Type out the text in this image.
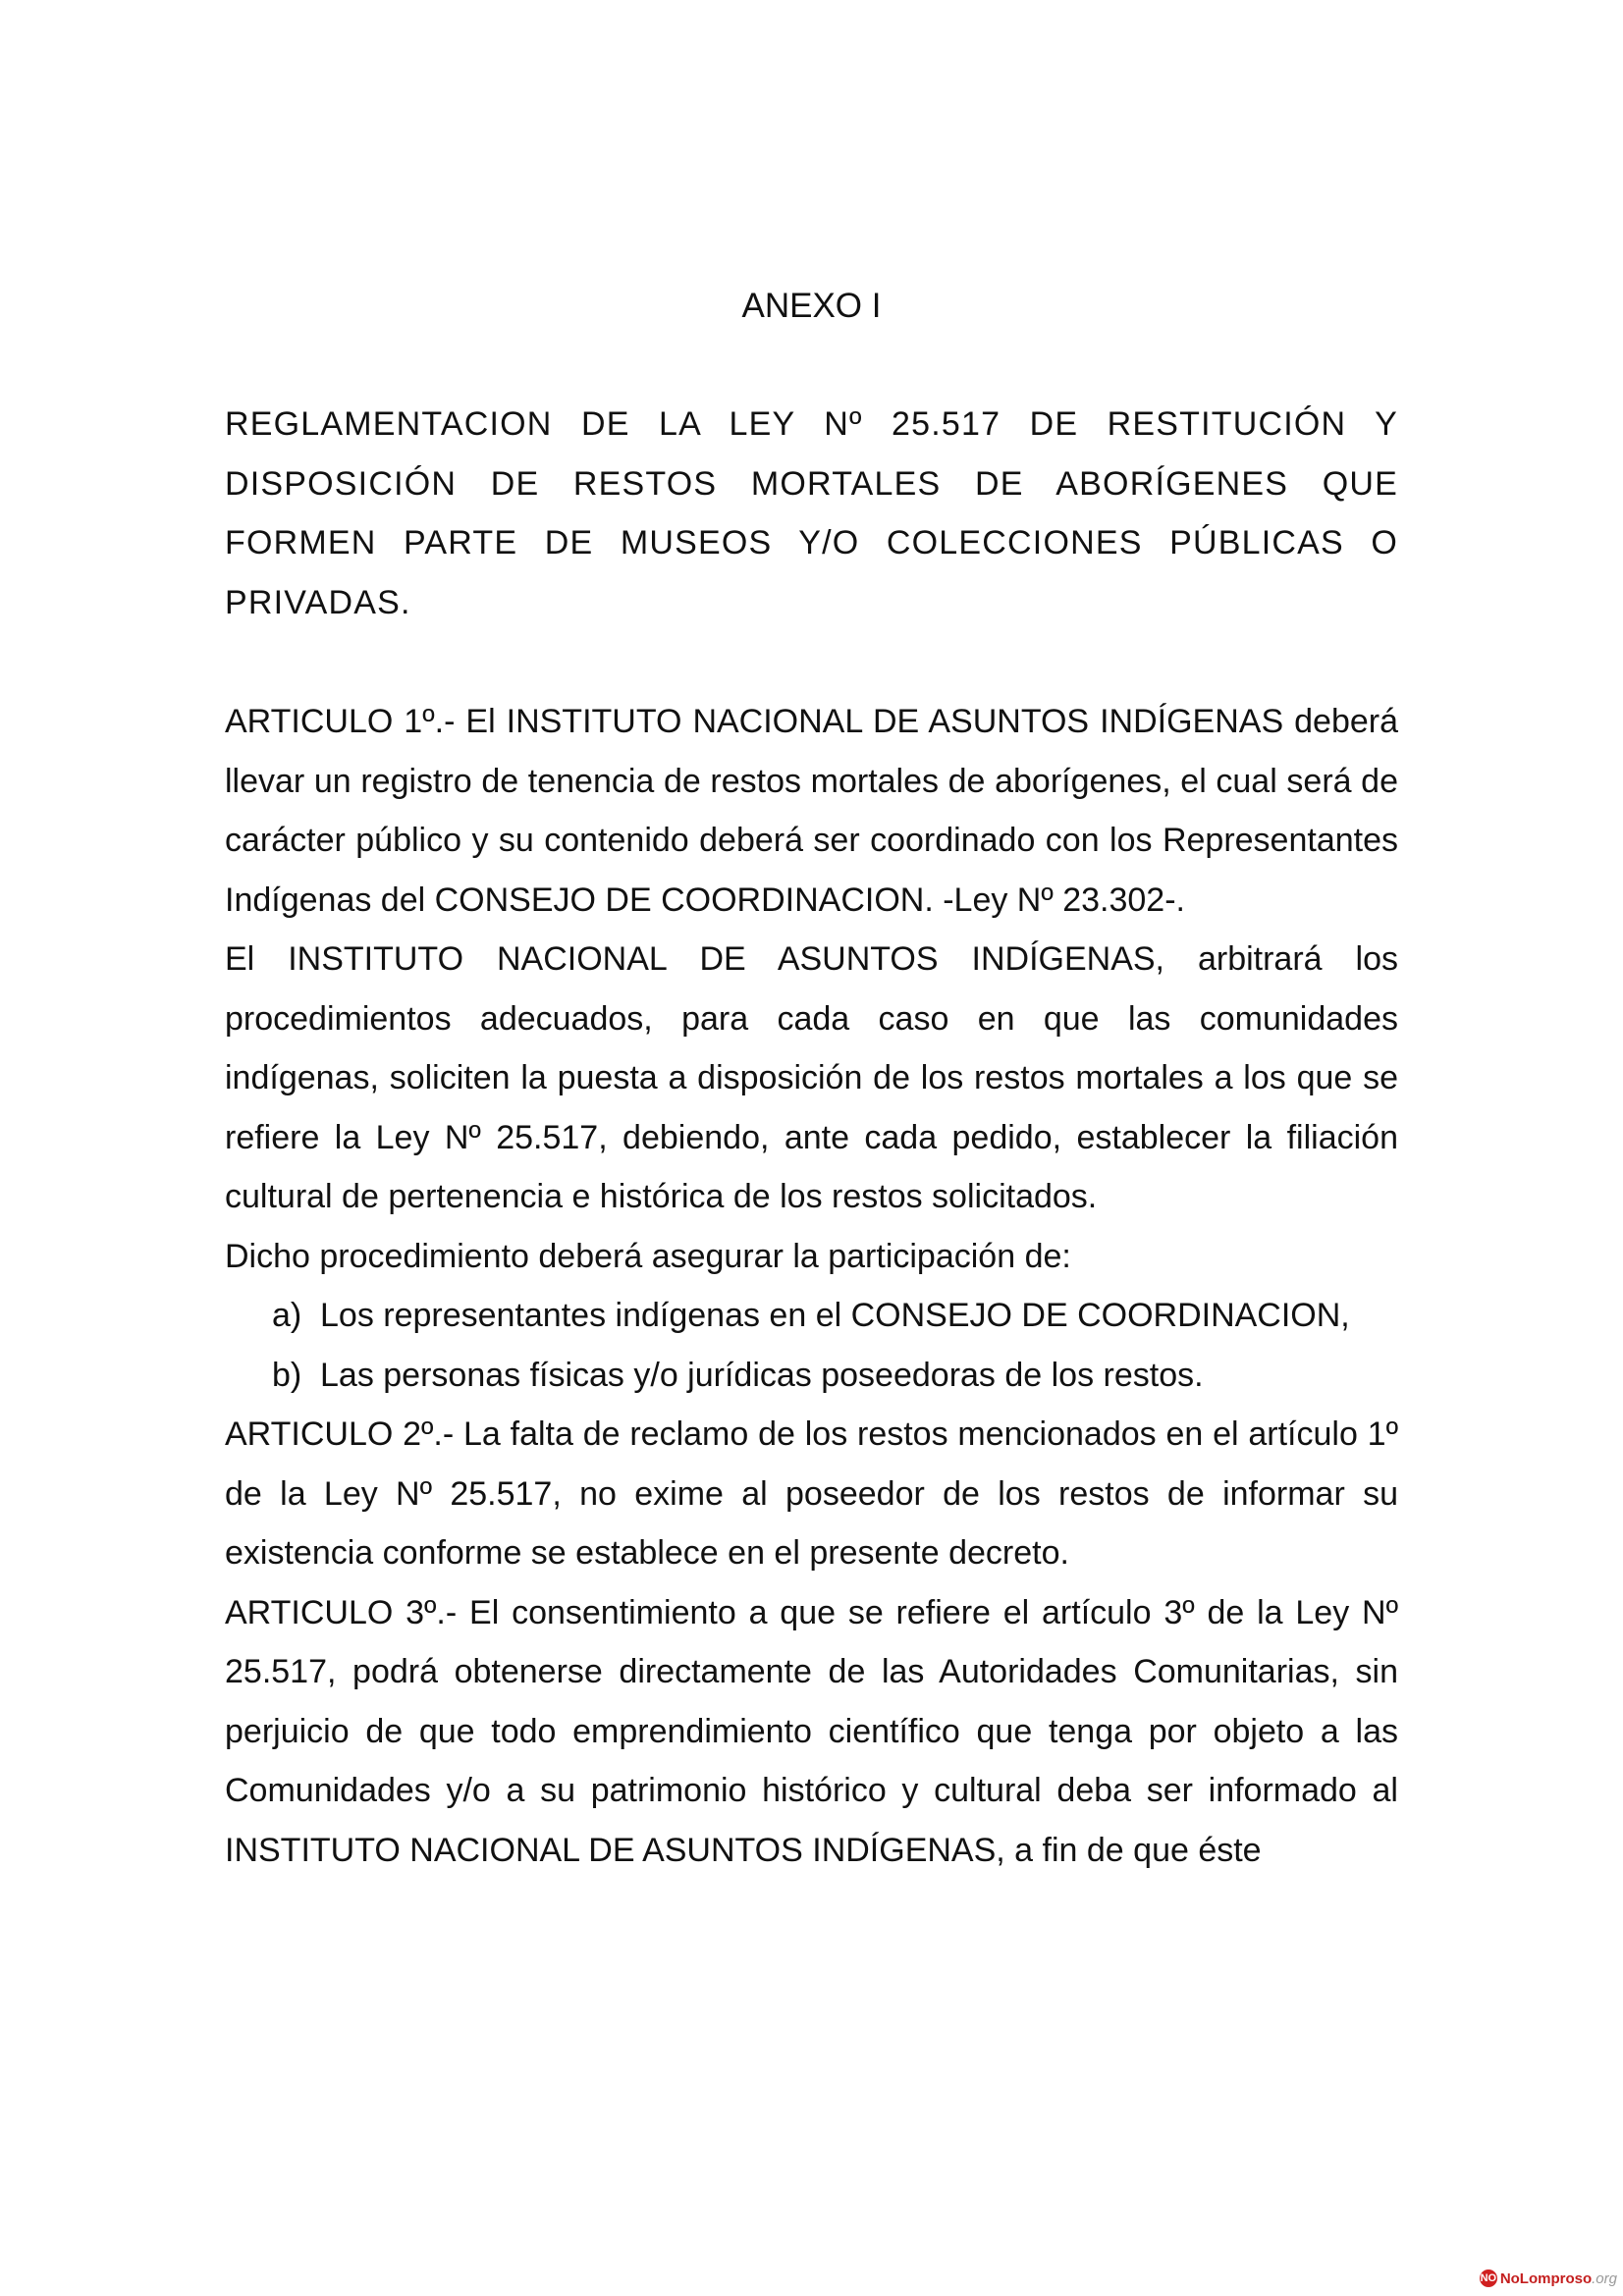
ANEXO I

REGLAMENTACION DE LA LEY Nº 25.517 DE RESTITUCIÓN Y DISPOSICIÓN DE RESTOS MORTALES DE ABORÍGENES QUE FORMEN PARTE DE MUSEOS Y/O COLECCIONES PÚBLICAS O PRIVADAS.

ARTICULO 1º.- El INSTITUTO NACIONAL DE ASUNTOS INDÍGENAS deberá llevar un registro de tenencia de restos mortales de aborígenes, el cual será de carácter público y su contenido deberá ser coordinado con los Representantes Indígenas del CONSEJO DE COORDINACION. -Ley Nº 23.302-.

El INSTITUTO NACIONAL DE ASUNTOS INDÍGENAS, arbitrará los procedimientos adecuados, para cada caso en que las comunidades indígenas, soliciten la puesta a disposición de los restos mortales a los que se refiere la Ley Nº 25.517, debiendo, ante cada pedido, establecer la filiación cultural de pertenencia e histórica de los restos solicitados.

Dicho procedimiento deberá asegurar la participación de:

a) Los representantes indígenas en el CONSEJO DE COORDINACION,
b) Las personas físicas y/o jurídicas poseedoras de los restos.

ARTICULO 2º.- La falta de reclamo de los restos mencionados en el artículo 1º de la Ley Nº 25.517, no exime al poseedor de los restos de informar su existencia conforme se establece en el presente decreto.

ARTICULO 3º.- El consentimiento a que se refiere el artículo 3º de la Ley Nº 25.517, podrá obtenerse directamente de las Autoridades Comunitarias, sin perjuicio de que todo emprendimiento científico que tenga por objeto a las Comunidades y/o a su patrimonio histórico y cultural deba ser informado al INSTITUTO NACIONAL DE ASUNTOS INDÍGENAS, a fin de que éste

NO NoLomproso .org
